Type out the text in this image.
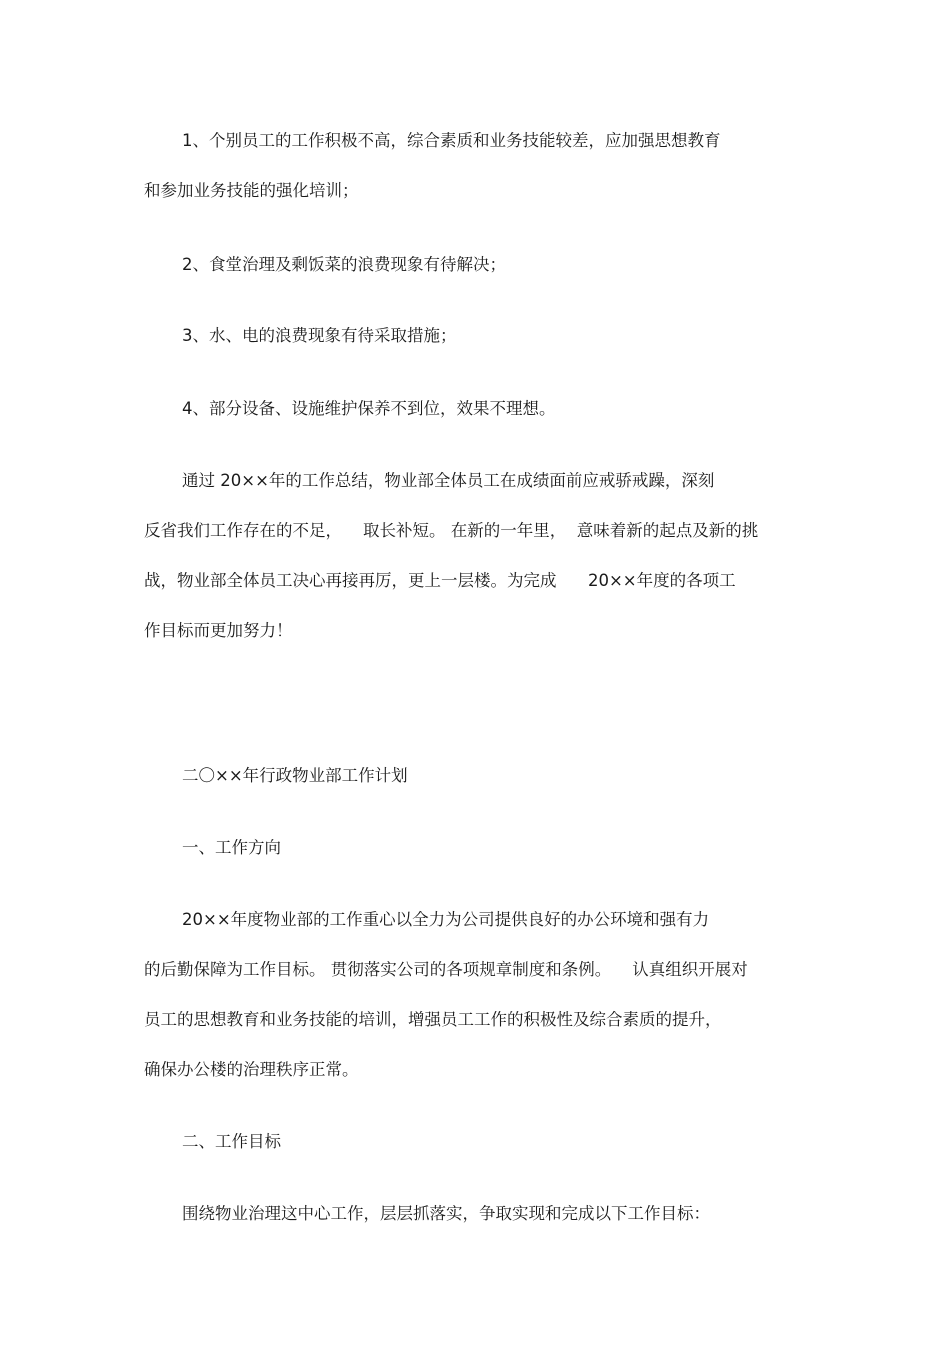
1、个别员工的工作积极不高，综合素质和业务技能较差，应加强思想教育

和参加业务技能的强化培训；

2、食堂治理及剩饭菜的浪费现象有待解决；

3、水、电的浪费现象有待采取措施；

4、部分设备、设施维护保养不到位，效果不理想。

通过 20××年的工作总结，物业部全体员工在成绩面前应戒骄戒躁，深刻

反省我们工作存在的不足，    取长补短。 在新的一年里，  意味着新的起点及新的挑

战，物业部全体员工决心再接再厉，更上一层楼。为完成      20××年度的各项工

作目标而更加努力！

二〇××年行政物业部工作计划

一、工作方向

20××年度物业部的工作重心以全力为公司提供良好的办公环境和强有力

的后勤保障为工作目标。 贯彻落实公司的各项规章制度和条例。    认真组织开展对

员工的思想教育和业务技能的培训，增强员工工作的积极性及综合素质的提升，

确保办公楼的治理秩序正常。

二、工作目标

围绕物业治理这中心工作，层层抓落实，争取实现和完成以下工作目标：
